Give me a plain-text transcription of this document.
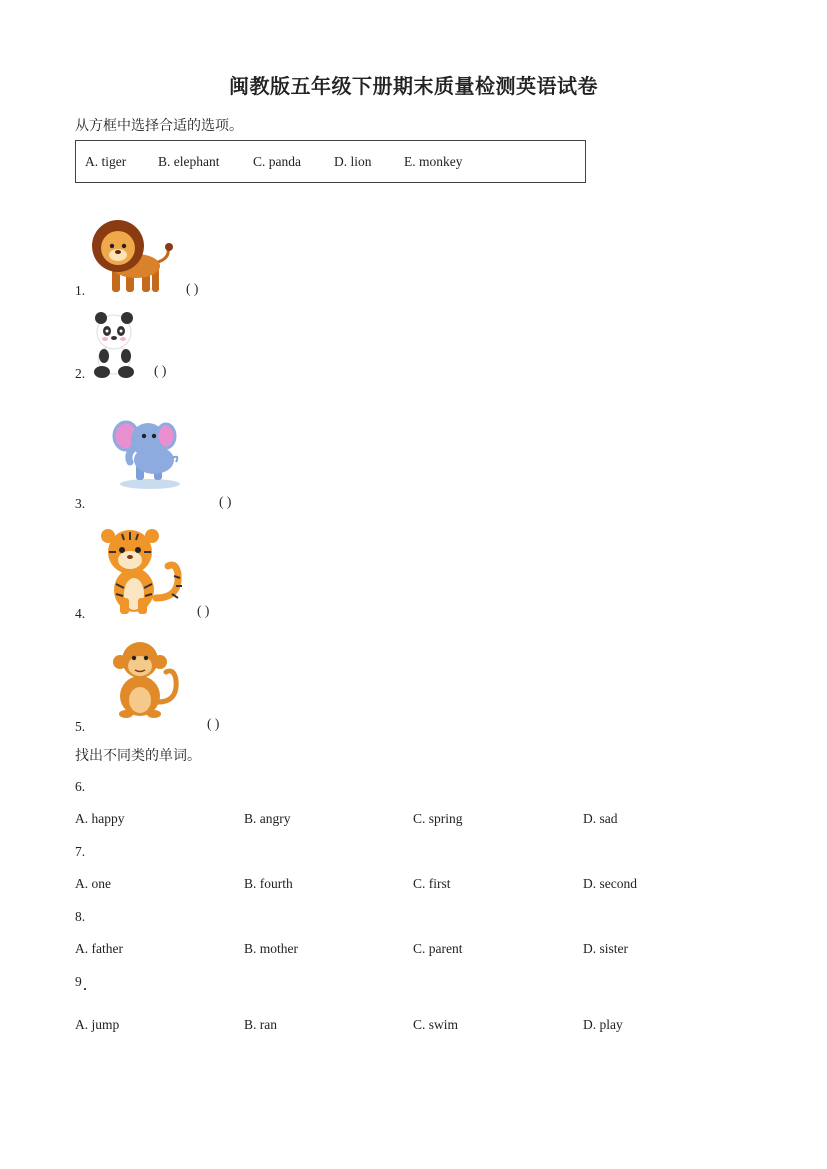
闽教版五年级下册期末质量检测英语试卷
从方框中选择合适的选项。
A. tiger B. elephant C. panda D. lion E. monkey
1.	( )
2.	( )
3.	( )
4.	( )
5.	( )
找出不同类的单词。
6.
A. happy	B. angry	C. spring	D. sad
7.
A. one	B. fourth	C. first	D. second
8.
A. father	B. mother	C. parent	D. sister
9
A. jump	B. ran	C. swim	D. play
